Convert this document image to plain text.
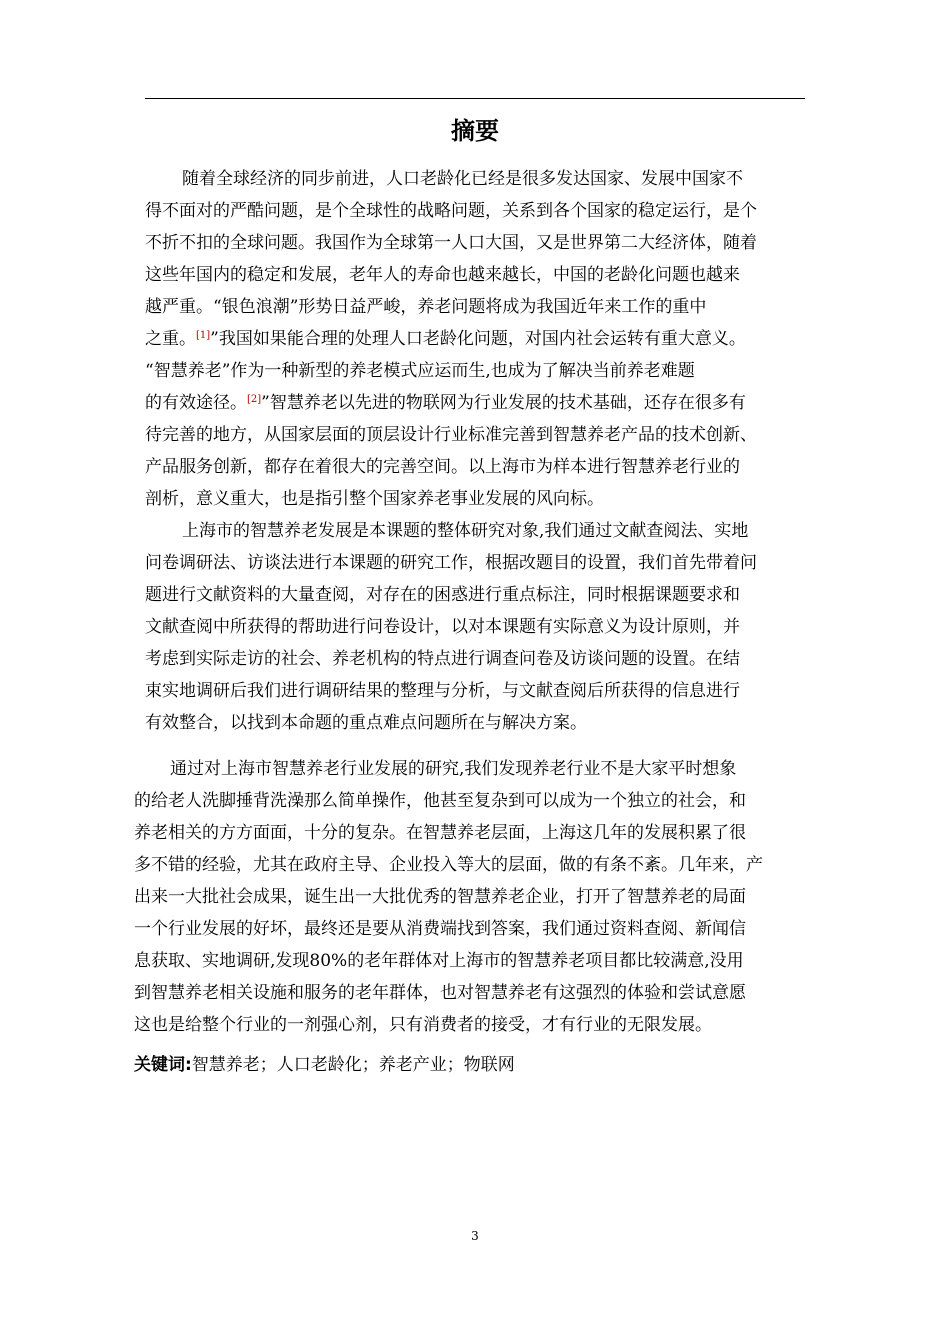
摘要
随着全球经济的同步前进，人口老龄化已经是很多发达国家、发展中国家不
得不面对的严酷问题，是个全球性的战略问题，关系到各个国家的稳定运行，是个
不折不扣的全球问题。我国作为全球第一人口大国，又是世界第二大经济体，随着
这些年国内的稳定和发展，老年人的寿命也越来越长，中国的老龄化问题也越来
越严重。“银色浪潮”形势日益严峻，养老问题将成为我国近年来工作的重中
之重。[1]”我国如果能合理的处理人口老龄化问题，对国内社会运转有重大意义。
“智慧养老”作为一种新型的养老模式应运而生,也成为了解决当前养老难题
的有效途径。[2]”智慧养老以先进的物联网为行业发展的技术基础，还存在很多有
待完善的地方，从国家层面的顶层设计行业标准完善到智慧养老产品的技术创新、
产品服务创新，都存在着很大的完善空间。以上海市为样本进行智慧养老行业的
剖析，意义重大，也是指引整个国家养老事业发展的风向标。
上海市的智慧养老发展是本课题的整体研究对象,我们通过文献查阅法、实地
问卷调研法、访谈法进行本课题的研究工作，根据改题目的设置，我们首先带着问
题进行文献资料的大量查阅，对存在的困惑进行重点标注，同时根据课题要求和
文献查阅中所获得的帮助进行问卷设计，以对本课题有实际意义为设计原则，并
考虑到实际走访的社会、养老机构的特点进行调查问卷及访谈问题的设置。在结
束实地调研后我们进行调研结果的整理与分析，与文献查阅后所获得的信息进行
有效整合，以找到本命题的重点难点问题所在与解决方案。
通过对上海市智慧养老行业发展的研究,我们发现养老行业不是大家平时想象
的给老人洗脚捶背洗澡那么简单操作，他甚至复杂到可以成为一个独立的社会，和
养老相关的方方面面，十分的复杂。在智慧养老层面，上海这几年的发展积累了很
多不错的经验，尤其在政府主导、企业投入等大的层面，做的有条不紊。几年来，产
出来一大批社会成果，诞生出一大批优秀的智慧养老企业，打开了智慧养老的局面
一个行业发展的好坏，最终还是要从消费端找到答案，我们通过资料查阅、新闻信
息获取、实地调研,发现80%的老年群体对上海市的智慧养老项目都比较满意,没用
到智慧养老相关设施和服务的老年群体，也对智慧养老有这强烈的体验和尝试意愿
这也是给整个行业的一剂强心剂，只有消费者的接受，才有行业的无限发展。
关键词:智慧养老；人口老龄化；养老产业；物联网
3
